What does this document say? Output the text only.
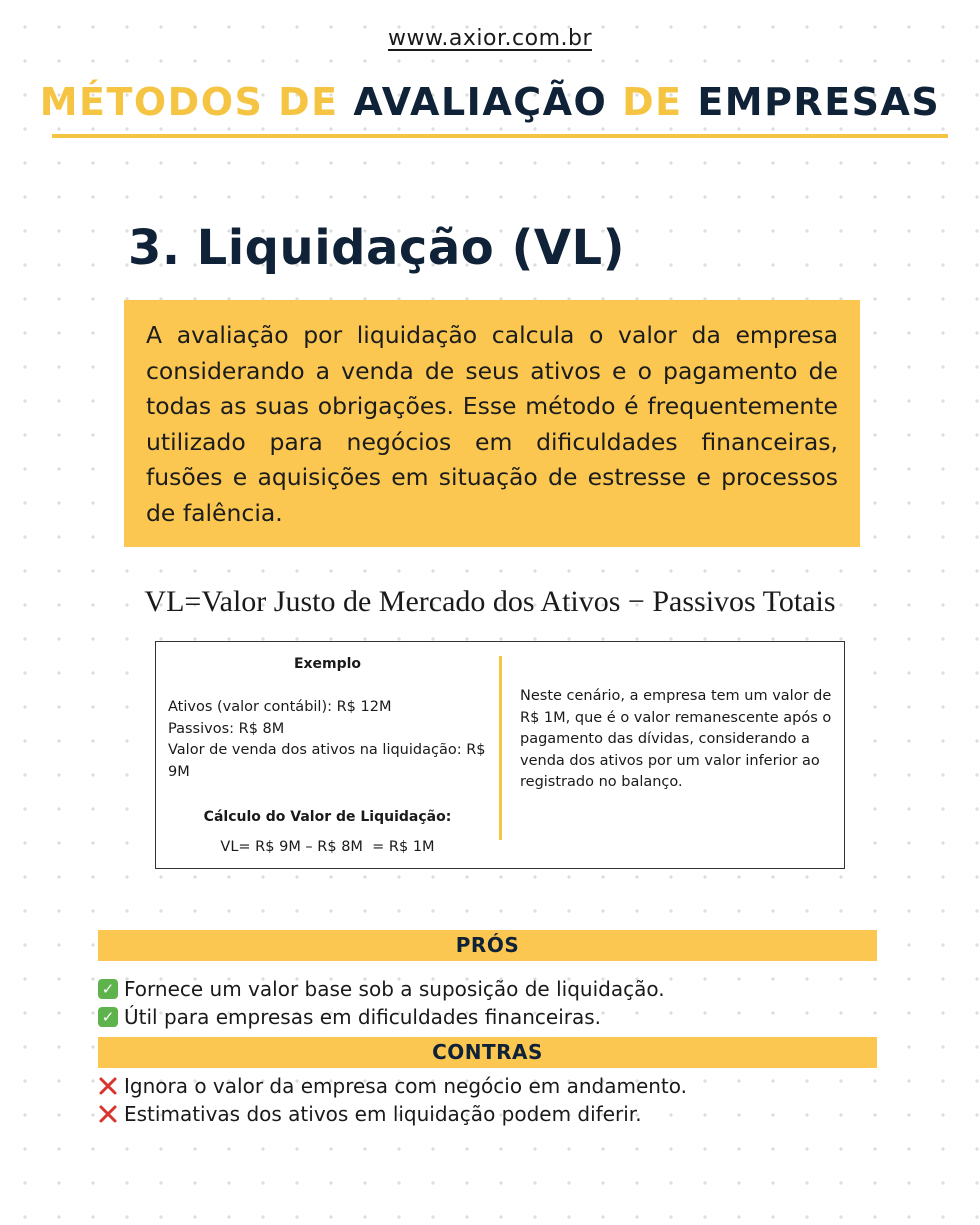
www.axior.com.br
MÉTODOS DE AVALIAÇÃO DE EMPRESAS
3. Liquidação (VL)
A avaliação por liquidação calcula o valor da empresa considerando a venda de seus ativos e o pagamento de todas as suas obrigações. Esse método é frequentemente utilizado para negócios em dificuldades financeiras, fusões e aquisições em situação de estresse e processos de falência.
VL=Valor Justo de Mercado dos Ativos − Passivos Totais
Exemplo
Ativos (valor contábil): R$ 12M
Passivos: R$ 8M
Valor de venda dos ativos na liquidação: R$ 9M
Cálculo do Valor de Liquidação:
VL= R$ 9M – R$ 8M  = R$ 1M
Neste cenário, a empresa tem um valor de R$ 1M, que é o valor remanescente após o pagamento das dívidas, considerando a venda dos ativos por um valor inferior ao registrado no balanço.
PRÓS
✓ Fornece um valor base sob a suposição de liquidação.
✓ Útil para empresas em dificuldades financeiras.
CONTRAS
Ignora o valor da empresa com negócio em andamento.
Estimativas dos ativos em liquidação podem diferir.
